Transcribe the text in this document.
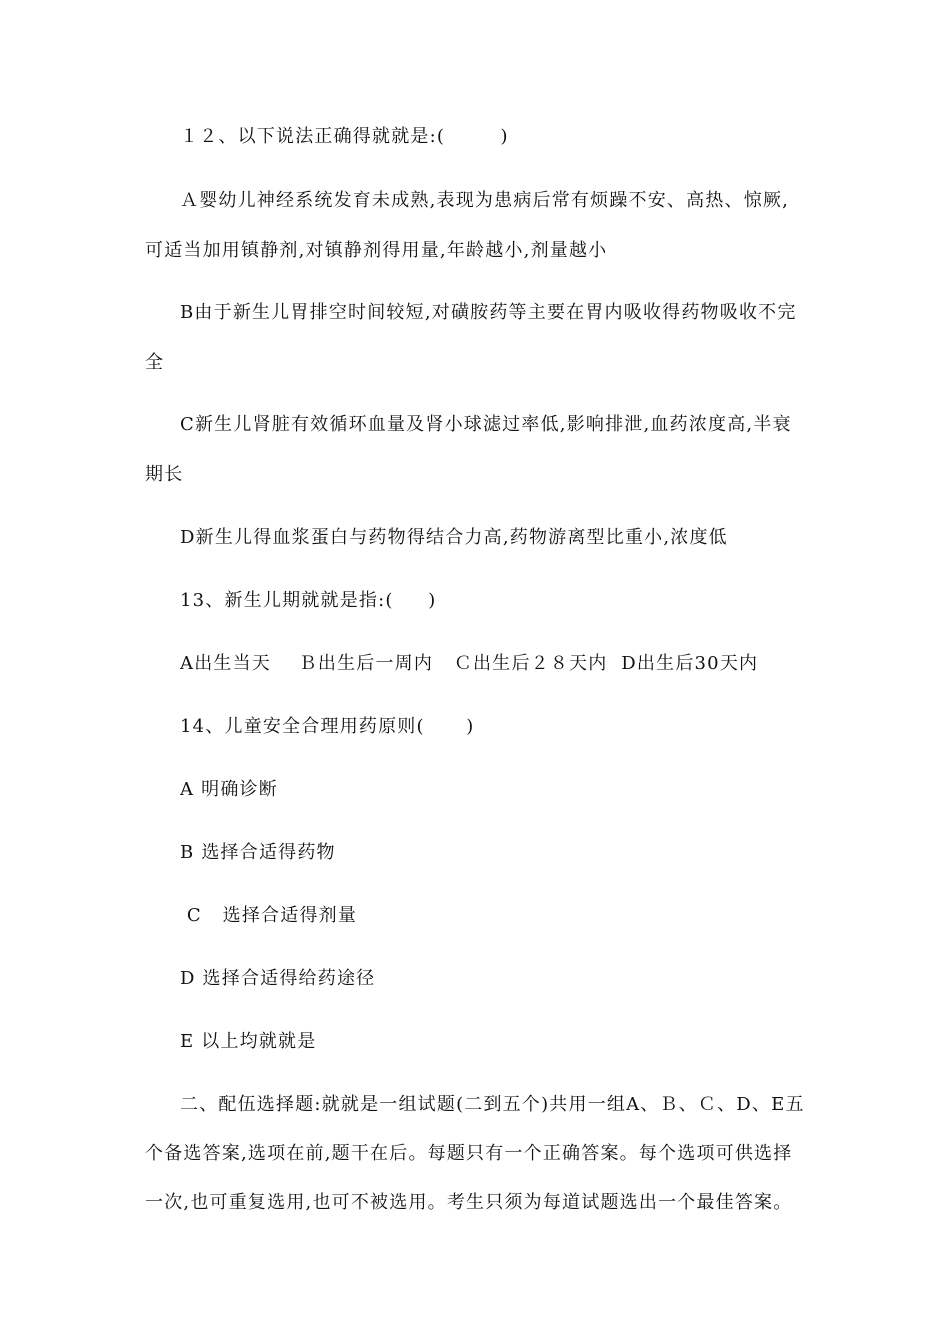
１２、以下说法正确得就就是:(        )
Ａ婴幼儿神经系统发育未成熟,表现为患病后常有烦躁不安、高热、惊厥,
可适当加用镇静剂,对镇静剂得用量,年龄越小,剂量越小
B由于新生儿胃排空时间较短,对磺胺药等主要在胃内吸收得药物吸收不完
全
C新生儿肾脏有效循环血量及肾小球滤过率低,影响排泄,血药浓度高,半衰
期长
D新生儿得血浆蛋白与药物得结合力高,药物游离型比重小,浓度低
13、新生儿期就就是指:(     )
A出生当天    Ｂ出生后一周内   Ｃ出生后２８天内  D出生后30天内
14、儿童安全合理用药原则(      )
A 明确诊断
B 选择合适得药物
C   选择合适得剂量
D 选择合适得给药途径
E 以上均就就是
二、配伍选择题:就就是一组试题(二到五个)共用一组A、Ｂ、Ｃ、D、E五
个备选答案,选项在前,题干在后。每题只有一个正确答案。每个选项可供选择
一次,也可重复选用,也可不被选用。考生只须为每道试题选出一个最佳答案。
